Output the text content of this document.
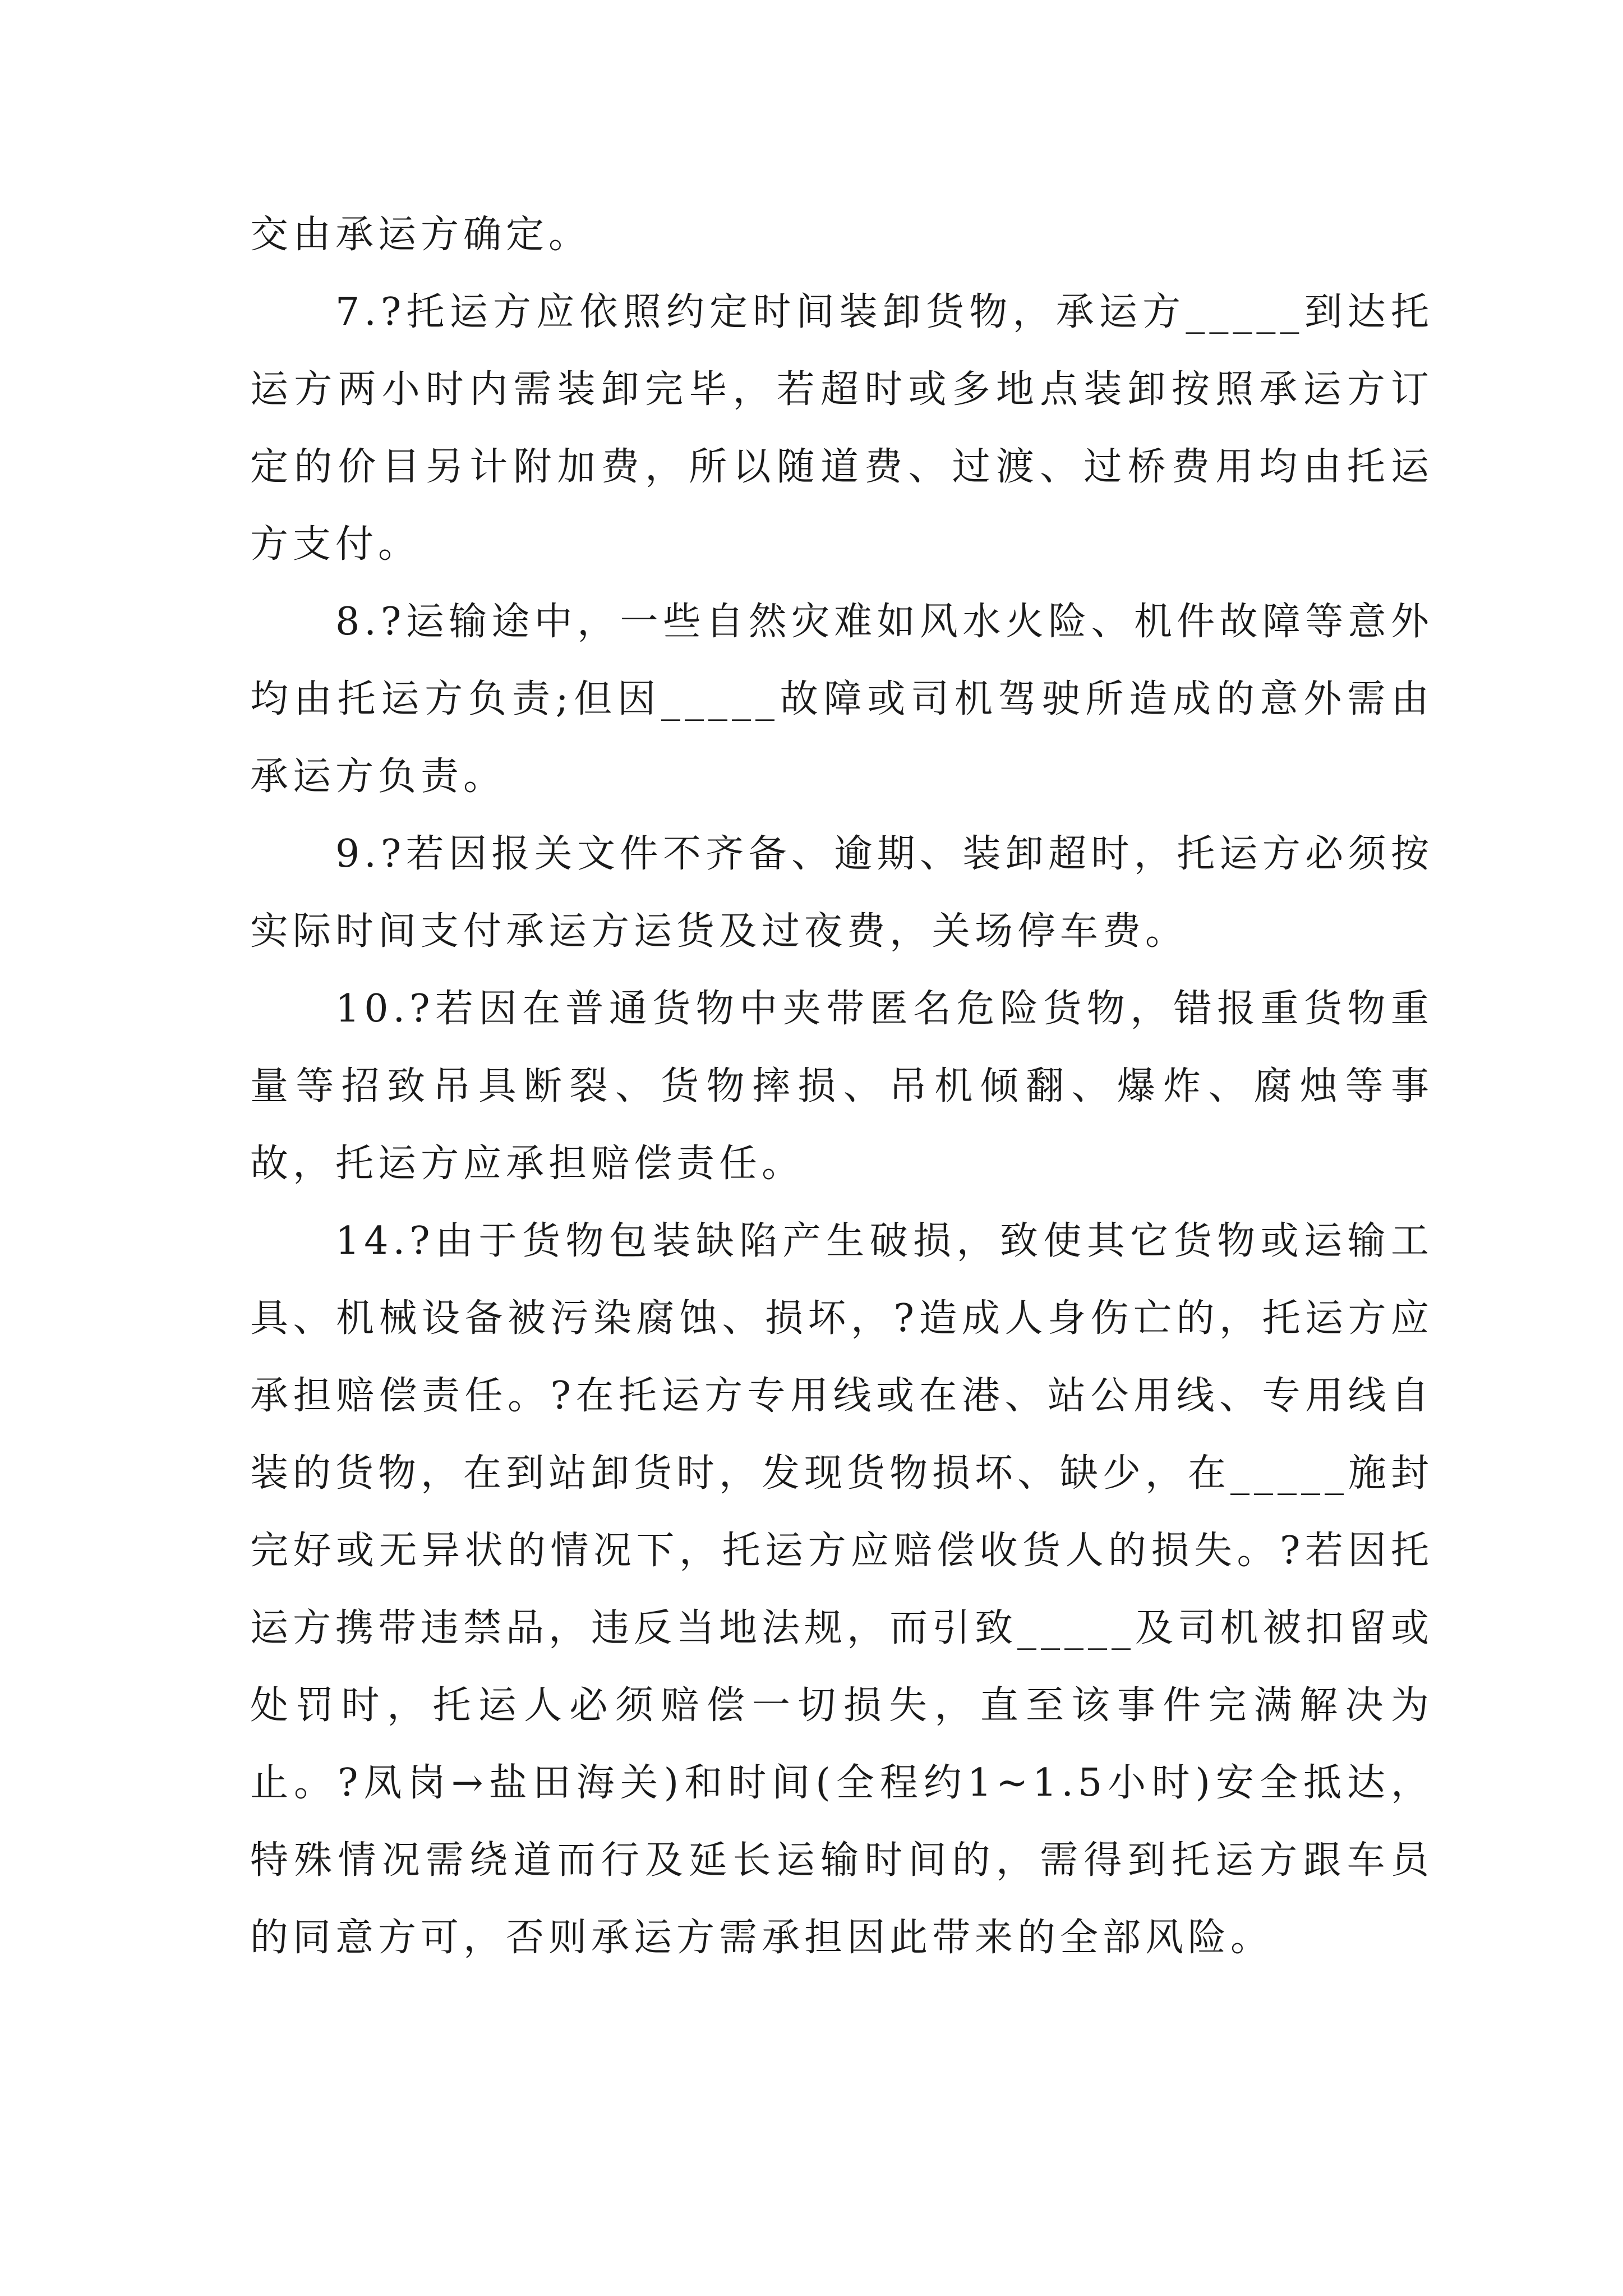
交由承运方确定。

7.?托运方应依照约定时间装卸货物，承运方_____到达托运方两小时内需装卸完毕，若超时或多地点装卸按照承运方订定的价目另计附加费，所以随道费、过渡、过桥费用均由托运方支付。

8.?运输途中，一些自然灾难如风水火险、机件故障等意外均由托运方负责;但因_____故障或司机驾驶所造成的意外需由承运方负责。

9.?若因报关文件不齐备、逾期、装卸超时，托运方必须按实际时间支付承运方运货及过夜费，关场停车费。

10.?若因在普通货物中夹带匿名危险货物，错报重货物重量等招致吊具断裂、货物摔损、吊机倾翻、爆炸、腐烛等事故，托运方应承担赔偿责任。

14.?由于货物包装缺陷产生破损，致使其它货物或运输工具、机械设备被污染腐蚀、损坏，?造成人身伤亡的，托运方应承担赔偿责任。?在托运方专用线或在港、站公用线、专用线自装的货物，在到站卸货时，发现货物损坏、缺少，在_____施封完好或无异状的情况下，托运方应赔偿收货人的损失。?若因托运方携带违禁品，违反当地法规，而引致_____及司机被扣留或处罚时，托运人必须赔偿一切损失，直至该事件完满解决为止。?凤岗→盐田海关)和时间(全程约1~1.5小时)安全抵达，特殊情况需绕道而行及延长运输时间的，需得到托运方跟车员的同意方可，否则承运方需承担因此带来的全部风险。
